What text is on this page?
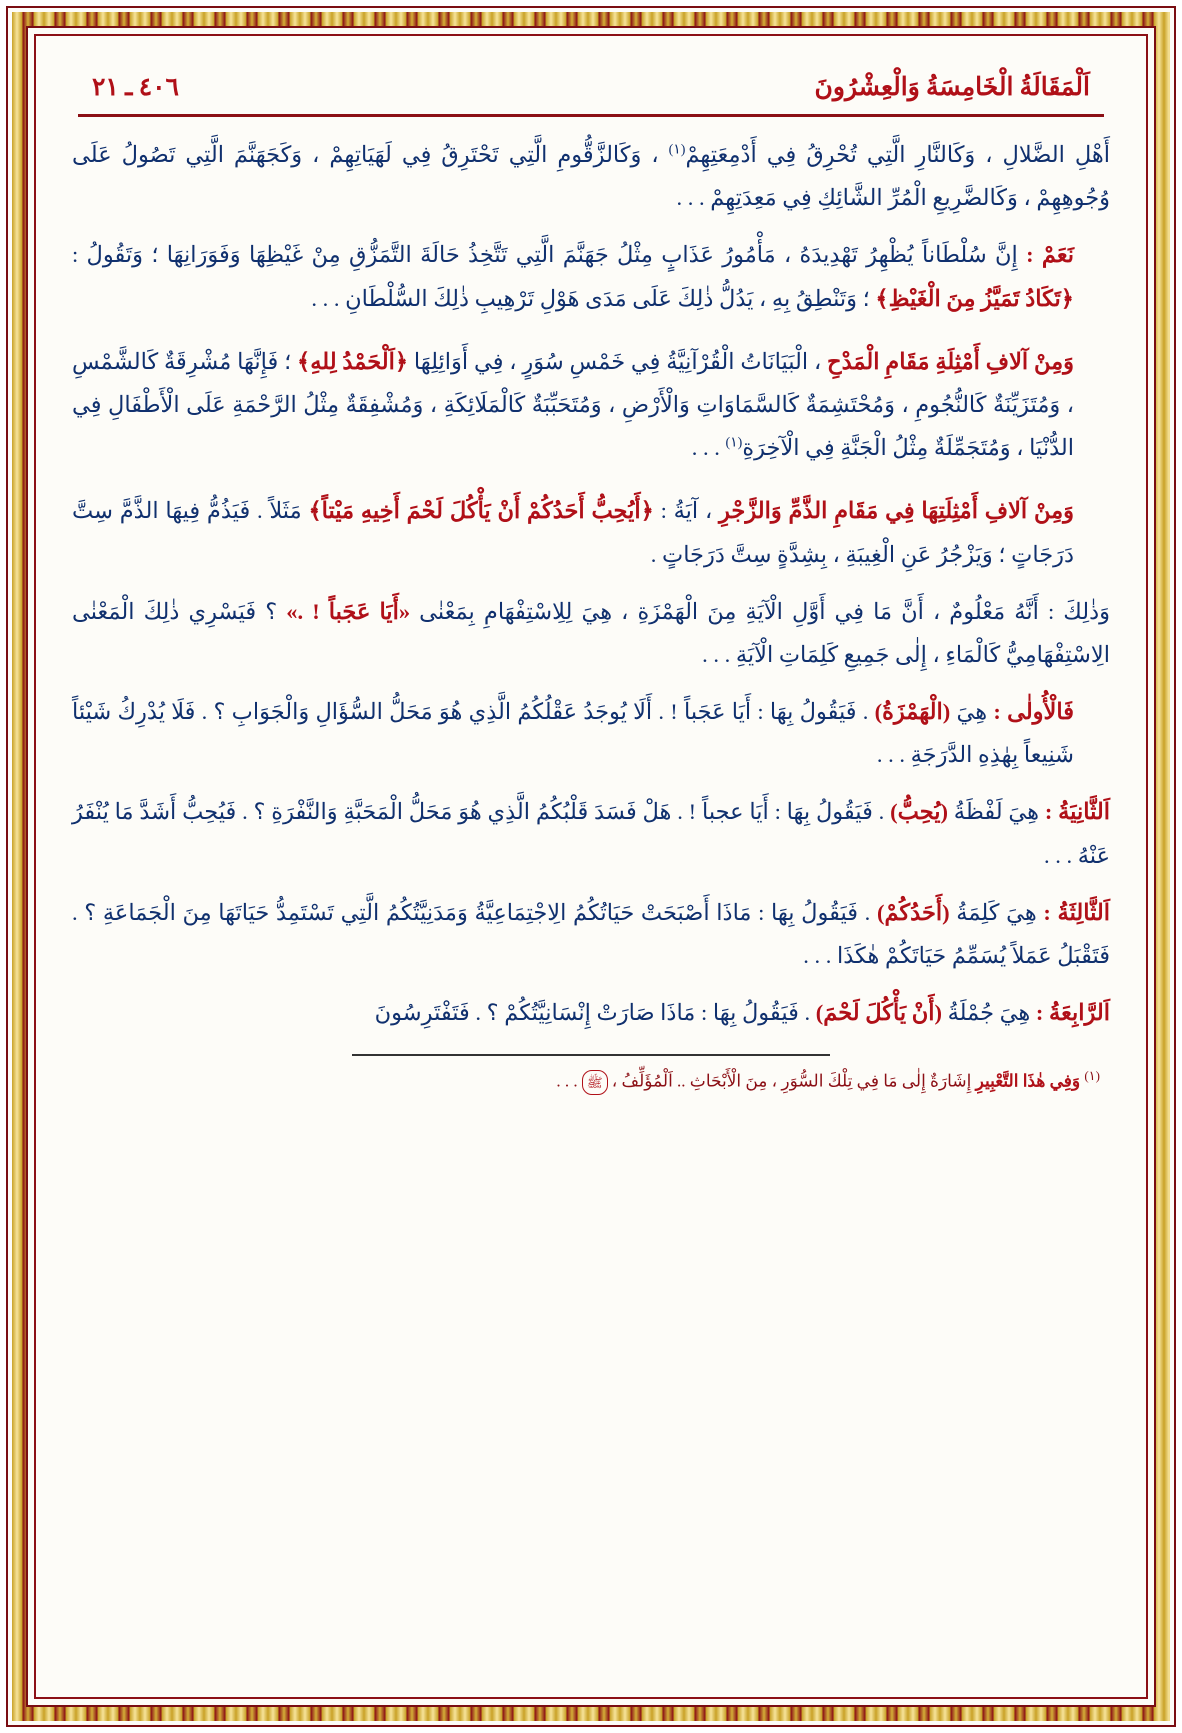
اَلْمَقَالَةُ الْخَامِسَةُ وَالْعِشْرُونَ
٤٠٦ ـ ٢١

أَهْلِ الضَّلالِ ، وَكَالنَّارِ الَّتِي تُحْرِقُ فِي أَدْمِعَتِهِمْ$^{(١)}$ ، وَكَالزَّقُّومِ الَّتِي تَحْتَرِقُ فِي لَهَيَاتِهِمْ ، وَكَجَهَنَّمَ الَّتِي تَصُولُ عَلَى وُجُوهِهِمْ ، وَكَالضَّرِيعِ الْمُرِّ الشَّائِكِ فِي مَعِدَتِهِمْ . . .

نَعَمْ : إِنَّ سُلْطَاناً يُظْهِرُ تَهْدِيدَهُ ، مَأْمُورُ عَذَابٍ مِثْلُ جَهَنَّمَ الَّتِي تَتَّخِذُ حَالَةَ التَّمَزُّقِ مِنْ غَيْظِهَا وَفَوَرَانِهَا ؛ وَتَقُولُ : ﴿تَكَادُ تَمَيَّزُ مِنَ الْغَيْظِ﴾ ؛ وَتَنْطِقُ بِهِ ، يَدُلُّ ذٰلِكَ عَلَى مَدَى هَوْلِ تَرْهِيبِ ذٰلِكَ السُّلْطَانِ . . .

وَمِنْ آلافِ أَمْثِلَةِ مَقَامِ الْمَدْحِ ، الْبَيَانَاتُ الْقُرْآنِيَّةُ فِي خَمْسِ سُوَرٍ ، فِي أَوَائِلِهَا ﴿اَلْحَمْدُ لِلهِ﴾ ؛ فَإِنَّهَا مُشْرِقَةٌ كَالشَّمْسِ ، وَمُتَزَيِّنَةٌ كَالنُّجُومِ ، وَمُحْتَشِمَةٌ كَالسَّمَاوَاتِ وَالْأَرْضِ ، وَمُتَحَبِّبَةٌ كَالْمَلَائِكَةِ ، وَمُشْفِقَةٌ مِثْلُ الرَّحْمَةِ عَلَى الْأَطْفَالِ فِي الدُّنْيَا ، وَمُتَجَمِّلَةٌ مِثْلُ الْجَنَّةِ فِي الْآخِرَةِ$^{(١)}$ . . .

وَمِنْ آلافِ أَمْثِلَتِهَا فِي مَقَامِ الذَّمِّ وَالزَّجْرِ ، آيَةُ : ﴿أَيُحِبُّ أَحَدُكُمْ أَنْ يَأْكُلَ لَحْمَ أَخِيهِ مَيْتاً﴾ مَثَلاً . فَيَذُمُّ فِيهَا الذَّمَّ سِتَّ دَرَجَاتٍ ؛ وَيَزْجُرُ عَنِ الْغِيبَةِ ، بِشِدَّةٍ سِتَّ دَرَجَاتٍ .

وَذٰلِكَ : أَنَّهُ مَعْلُومٌ ، أَنَّ مَا فِي أَوَّلِ الْآيَةِ مِنَ الْهَمْزَةِ ، هِيَ لِلِاسْتِفْهَامِ بِمَعْنٰى «أَيَا عَجَباً ! .» ؟ فَيَسْرِي ذٰلِكَ الْمَعْنٰى الِاسْتِفْهَامِيُّ كَالْمَاءِ ، إِلٰى جَمِيعِ كَلِمَاتِ الْآيَةِ . . .

فَالْأُولٰى : هِيَ (الْهَمْزَةُ) . فَيَقُولُ بِهَا : أَيَا عَجَباً ! . أَلَا يُوجَدُ عَقْلُكُمُ الَّذِي هُوَ مَحَلُّ السُّؤَالِ وَالْجَوَابِ ؟ . فَلَا يُدْرِكُ شَيْئاً شَنِيعاً بِهٰذِهِ الدَّرَجَةِ . . .

اَلثَّانِيَةُ : هِيَ لَفْظَةُ (يُحِبُّ) . فَيَقُولُ بِهَا : أَيَا عجباً ! . هَلْ فَسَدَ قَلْبُكُمُ الَّذِي هُوَ مَحَلُّ الْمَحَبَّةِ وَالنَّفْرَةِ ؟ . فَيُحِبُّ أَشَدَّ مَا يُنْفَرُ عَنْهُ . . .

اَلثَّالِثَةُ : هِيَ كَلِمَةُ (أَحَدُكُمْ) . فَيَقُولُ بِهَا : مَاذَا أَصْبَحَتْ حَيَاتُكُمُ الِاجْتِمَاعِيَّةُ وَمَدَنِيَّتُكُمُ الَّتِي تَسْتَمِدُّ حَيَاتَهَا مِنَ الْجَمَاعَةِ ؟ . فَتَقْبَلُ عَمَلاً يُسَمِّمُ حَيَاتَكُمْ هٰكَذَا . . .

اَلرَّابِعَةُ : هِيَ جُمْلَةُ (أَنْ يَأْكُلَ لَحْمَ) . فَيَقُولُ بِهَا : مَاذَا صَارَتْ إِنْسَانِيَّتُكُمْ ؟ . فَتَفْتَرِسُونَ

$^{(١)}$ وَفِي هٰذَا التَّعْبِيرِ إِشَارَةٌ إِلٰى مَا فِي تِلْكَ السُّوَرِ ، مِنَ الْأَبْحَاثِ .. اَلْمُؤَلِّفُ ، ﷺ . . .
